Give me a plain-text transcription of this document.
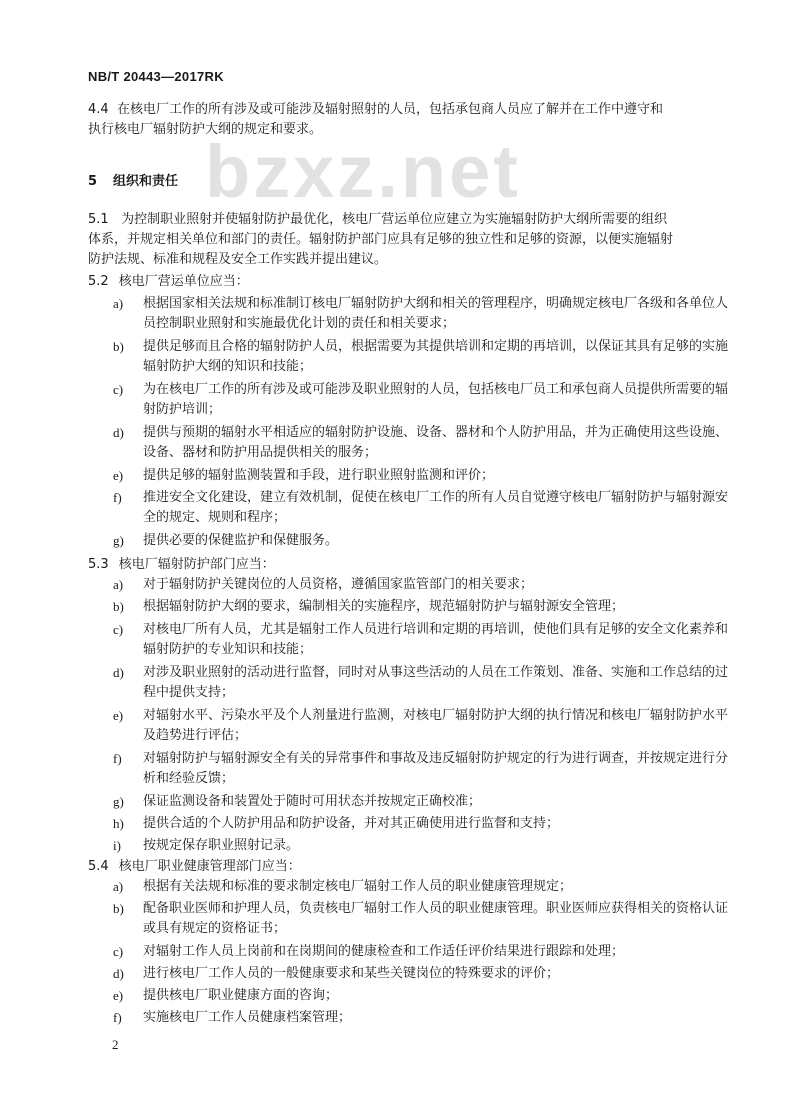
NB/T 20443—2017RK
bzxz.net
4.4 在核电厂工作的所有涉及或可能涉及辐射照射的人员，包括承包商人员应了解并在工作中遵守和
执行核电厂辐射防护大纲的规定和要求。
5 组织和责任
5.1 为控制职业照射并使辐射防护最优化，核电厂营运单位应建立为实施辐射防护大纲所需要的组织
体系，并规定相关单位和部门的责任。辐射防护部门应具有足够的独立性和足够的资源，以便实施辐射
防护法规、标准和规程及安全工作实践并提出建议。
5.2 核电厂营运单位应当：
a)	根据国家相关法规和标准制订核电厂辐射防护大纲和相关的管理程序，明确规定核电厂各级和各单位人员控制职业照射和实施最优化计划的责任和相关要求；
b)	提供足够而且合格的辐射防护人员，根据需要为其提供培训和定期的再培训，以保证其具有足够的实施辐射防护大纲的知识和技能；
c)	为在核电厂工作的所有涉及或可能涉及职业照射的人员，包括核电厂员工和承包商人员提供所需要的辐射防护培训；
d)	提供与预期的辐射水平相适应的辐射防护设施、设备、器材和个人防护用品，并为正确使用这些设施、设备、器材和防护用品提供相关的服务；
e)	提供足够的辐射监测装置和手段，进行职业照射监测和评价；
f)	推进安全文化建设，建立有效机制，促使在核电厂工作的所有人员自觉遵守核电厂辐射防护与辐射源安全的规定、规则和程序；
g)	提供必要的保健监护和保健服务。
5.3 核电厂辐射防护部门应当：
a)	对于辐射防护关键岗位的人员资格，遵循国家监管部门的相关要求；
b)	根据辐射防护大纲的要求，编制相关的实施程序，规范辐射防护与辐射源安全管理；
c)	对核电厂所有人员，尤其是辐射工作人员进行培训和定期的再培训，使他们具有足够的安全文化素养和辐射防护的专业知识和技能；
d)	对涉及职业照射的活动进行监督，同时对从事这些活动的人员在工作策划、准备、实施和工作总结的过程中提供支持；
e)	对辐射水平、污染水平及个人剂量进行监测，对核电厂辐射防护大纲的执行情况和核电厂辐射防护水平及趋势进行评估；
f)	对辐射防护与辐射源安全有关的异常事件和事故及违反辐射防护规定的行为进行调查，并按规定进行分析和经验反馈；
g)	保证监测设备和装置处于随时可用状态并按规定正确校准；
h)	提供合适的个人防护用品和防护设备，并对其正确使用进行监督和支持；
i)	按规定保存职业照射记录。
5.4 核电厂职业健康管理部门应当：
a)	根据有关法规和标准的要求制定核电厂辐射工作人员的职业健康管理规定；
b)	配备职业医师和护理人员，负责核电厂辐射工作人员的职业健康管理。职业医师应获得相关的资格认证或具有规定的资格证书；
c)	对辐射工作人员上岗前和在岗期间的健康检查和工作适任评价结果进行跟踪和处理；
d)	进行核电厂工作人员的一般健康要求和某些关键岗位的特殊要求的评价；
e)	提供核电厂职业健康方面的咨询；
f)	实施核电厂工作人员健康档案管理；
2
